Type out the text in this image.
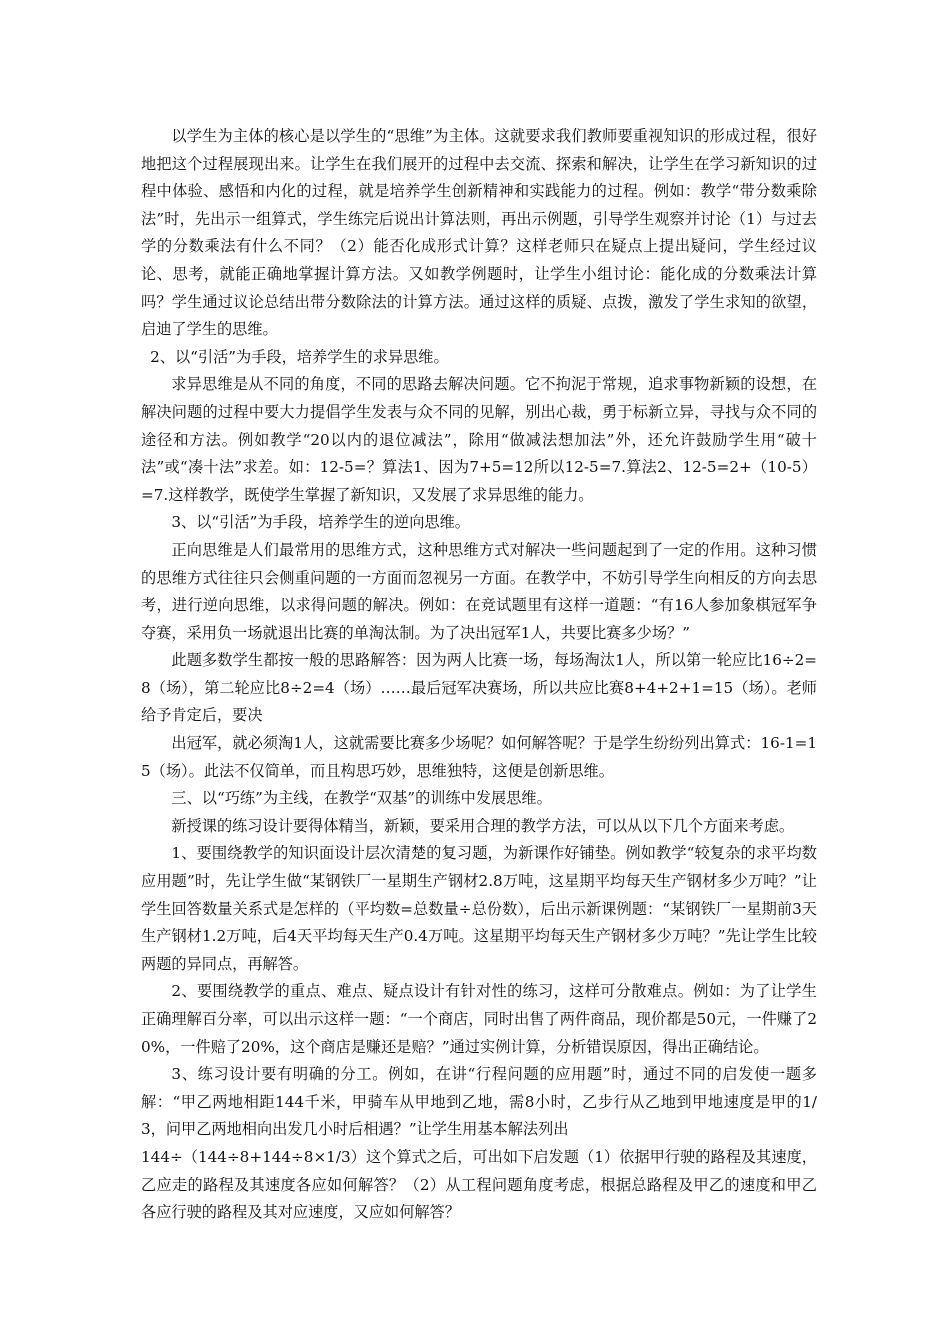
以学生为主体的核心是以学生的“思维”为主体。这就要求我们教师要重视知识的形成过程，很好地把这个过程展现出来。让学生在我们展开的过程中去交流、探索和解决，让学生在学习新知识的过程中体验、感悟和内化的过程，就是培养学生创新精神和实践能力的过程。例如：教学“带分数乘除法”时，先出示一组算式，学生练完后说出计算法则，再出示例题，引导学生观察并讨论（1）与过去学的分数乘法有什么不同？（2）能否化成形式计算？这样老师只在疑点上提出疑问，学生经过议论、思考，就能正确地掌握计算方法。又如教学例题时，让学生小组讨论：能化成的分数乘法计算吗？学生通过议论总结出带分数除法的计算方法。通过这样的质疑、点拨，激发了学生求知的欲望，启迪了学生的思维。

2、以“引活”为手段，培养学生的求异思维。

求异思维是从不同的角度，不同的思路去解决问题。它不拘泥于常规，追求事物新颖的设想，在解决问题的过程中要大力提倡学生发表与众不同的见解，别出心裁，勇于标新立异，寻找与众不同的途径和方法。例如教学“20以内的退位减法”，除用“做减法想加法”外，还允许鼓励学生用“破十法”或“凑十法”求差。如：12-5=？算法1、因为7+5=12所以12-5=7.算法2、12-5=2+（10-5）=7.这样教学，既使学生掌握了新知识，又发展了求异思维的能力。

3、以“引活”为手段，培养学生的逆向思维。

正向思维是人们最常用的思维方式，这种思维方式对解决一些问题起到了一定的作用。这种习惯的思维方式往往只会侧重问题的一方面而忽视另一方面。在教学中，不妨引导学生向相反的方向去思考，进行逆向思维，以求得问题的解决。例如：在竞试题里有这样一道题：“有16人参加象棋冠军争夺赛，采用负一场就退出比赛的单淘汰制。为了决出冠军1人，共要比赛多少场？”

此题多数学生都按一般的思路解答：因为两人比赛一场，每场淘汰1人，所以第一轮应比16÷2=8（场），第二轮应比8÷2=4（场）……最后冠军决赛场，所以共应比赛8+4+2+1=15（场）。老师给予肯定后，要决

出冠军，就必须淘1人，这就需要比赛多少场呢？如何解答呢？于是学生纷纷列出算式：16-1=15（场）。此法不仅简单，而且构思巧妙，思维独特，这便是创新思维。

三、以“巧练”为主线，在教学“双基”的训练中发展思维。

新授课的练习设计要得体精当，新颖，要采用合理的教学方法，可以从以下几个方面来考虑。

1、要围绕教学的知识面设计层次清楚的复习题，为新课作好铺垫。例如教学“较复杂的求平均数应用题”时，先让学生做“某钢铁厂一星期生产钢材2.8万吨，这星期平均每天生产钢材多少万吨？”让学生回答数量关系式是怎样的（平均数=总数量÷总份数），后出示新课例题：“某钢铁厂一星期前3天生产钢材1.2万吨，后4天平均每天生产0.4万吨。这星期平均每天生产钢材多少万吨？”先让学生比较两题的异同点，再解答。

2、要围绕教学的重点、难点、疑点设计有针对性的练习，这样可分散难点。例如：为了让学生正确理解百分率，可以出示这样一题：“一个商店，同时出售了两件商品，现价都是50元，一件赚了20%，一件赔了20%，这个商店是赚还是赔？”通过实例计算，分析错误原因，得出正确结论。

3、练习设计要有明确的分工。例如，在讲“行程问题的应用题”时，通过不同的启发使一题多解：“甲乙两地相距144千米，甲骑车从甲地到乙地，需8小时，乙步行从乙地到甲地速度是甲的1/3，问甲乙两地相向出发几小时后相遇？”让学生用基本解法列出

144÷（144÷8+144÷8×1/3）这个算式之后，可出如下启发题（1）依据甲行驶的路程及其速度，乙应走的路程及其速度各应如何解答？（2）从工程问题角度考虑，根据总路程及甲乙的速度和甲乙各应行驶的路程及其对应速度，又应如何解答？
